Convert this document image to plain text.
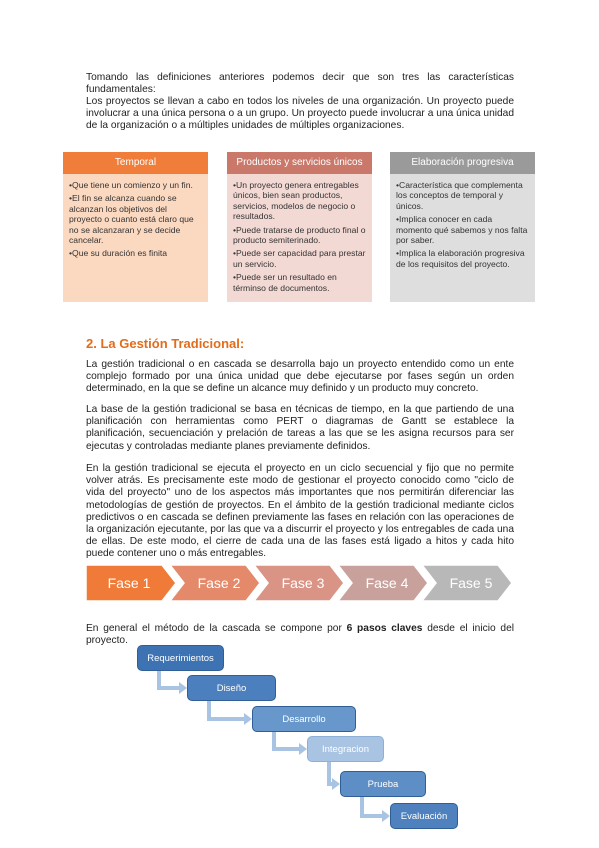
Tomando las definiciones anteriores podemos decir que son tres las características fundamentales:
Los proyectos se llevan a cabo en todos los niveles de una organización. Un proyecto puede involucrar a una única persona o a un grupo. Un proyecto puede involucrar a una única unidad de la organización o a múltiples unidades de múltiples organizaciones.
Temporal
•Que tiene un comienzo y un fin.
•El fin se alcanza cuando se alcanzan los objetivos del proyecto o cuanto está claro que no se alcanzaran y se decide cancelar.
•Que su duración es finita
Productos y servicios únicos
•Un proyecto genera entregables únicos, bien sean productos, servicios, modelos de negocio o resultados.
•Puede tratarse de producto final o producto semiterinado.
•Puede ser capacidad para prestar un servicio.
•Puede ser un resultado en términso de documentos.
Elaboración progresiva
•Característica que complementa los conceptos de temporal y únicos.
•Implica conocer en cada momento qué sabemos y nos falta por saber.
•Implica la elaboración progresiva de los requisitos del proyecto.
2. La Gestión Tradicional:
La gestión tradicional o en cascada se desarrolla bajo un proyecto entendido como un ente complejo formado por una única unidad que debe ejecutarse por fases según un orden determinado, en la que se define un alcance muy definido y un producto muy concreto.
La base de la gestión tradicional se basa en técnicas de tiempo, en la que partiendo de una planificación con herramientas como PERT o diagramas de Gantt se establece la planificación, secuenciación y prelación de tareas a las que se les asigna recursos para ser ejecutas y controladas mediante planes previamente definidos.
En la gestión tradicional se ejecuta el proyecto en un ciclo secuencial y fijo que no permite volver atrás. Es precisamente este modo de gestionar el proyecto conocido como "ciclo de vida del proyecto" uno de los aspectos más importantes que nos permitirán diferenciar las metodologías de gestión de proyectos. En el ámbito de la gestión tradicional mediante ciclos predictivos o en cascada se definen previamente las fases en relación con las operaciones de la organización ejecutante, por las que va a discurrir el proyecto y los entregables de cada una de ellas. De este modo, el cierre de cada una de las fases está ligado a hitos y cada hito puede contener uno o más entregables.
Fase 1	Fase 2	Fase 3	Fase 4	Fase 5
En general el método de la cascada se compone por 6 pasos claves desde el inicio del proyecto.
Requerimientos
Diseño
Desarrollo
Integracion
Prueba
Evaluación
